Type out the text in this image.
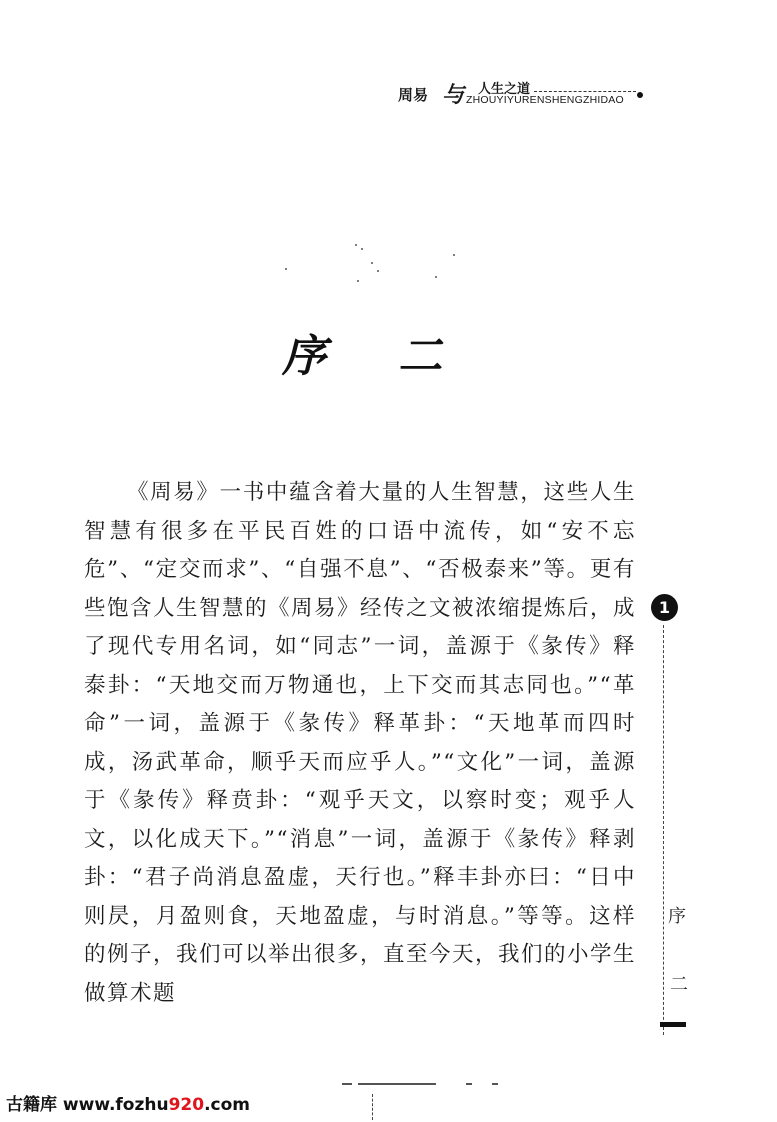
周易 与 人生之道
ZHOUYIYURENSHENGZHIDAO
序 二
《周易》一书中蕴含着大量的人生智慧，这些人生智慧有很多在平民百姓的口语中流传，如“安不忘危”、“定交而求”、“自强不息”、“否极泰来”等。更有些饱含人生智慧的《周易》经传之文被浓缩提炼后，成了现代专用名词，如“同志”一词，盖源于《彖传》释泰卦：“天地交而万物通也，上下交而其志同也。”“革命”一词，盖源于《彖传》释革卦：“天地革而四时成，汤武革命，顺乎天而应乎人。”“文化”一词，盖源于《彖传》释贲卦：“观乎天文，以察时变；观乎人文，以化成天下。”“消息”一词，盖源于《彖传》释剥卦：“君子尚消息盈虚，天行也。”释丰卦亦曰：“日中则昃，月盈则食，天地盈虚，与时消息。”等等。这样的例子，我们可以举出很多，直至今天，我们的小学生做算术题
1
序
二
古籍库 www.fozhu920.com
